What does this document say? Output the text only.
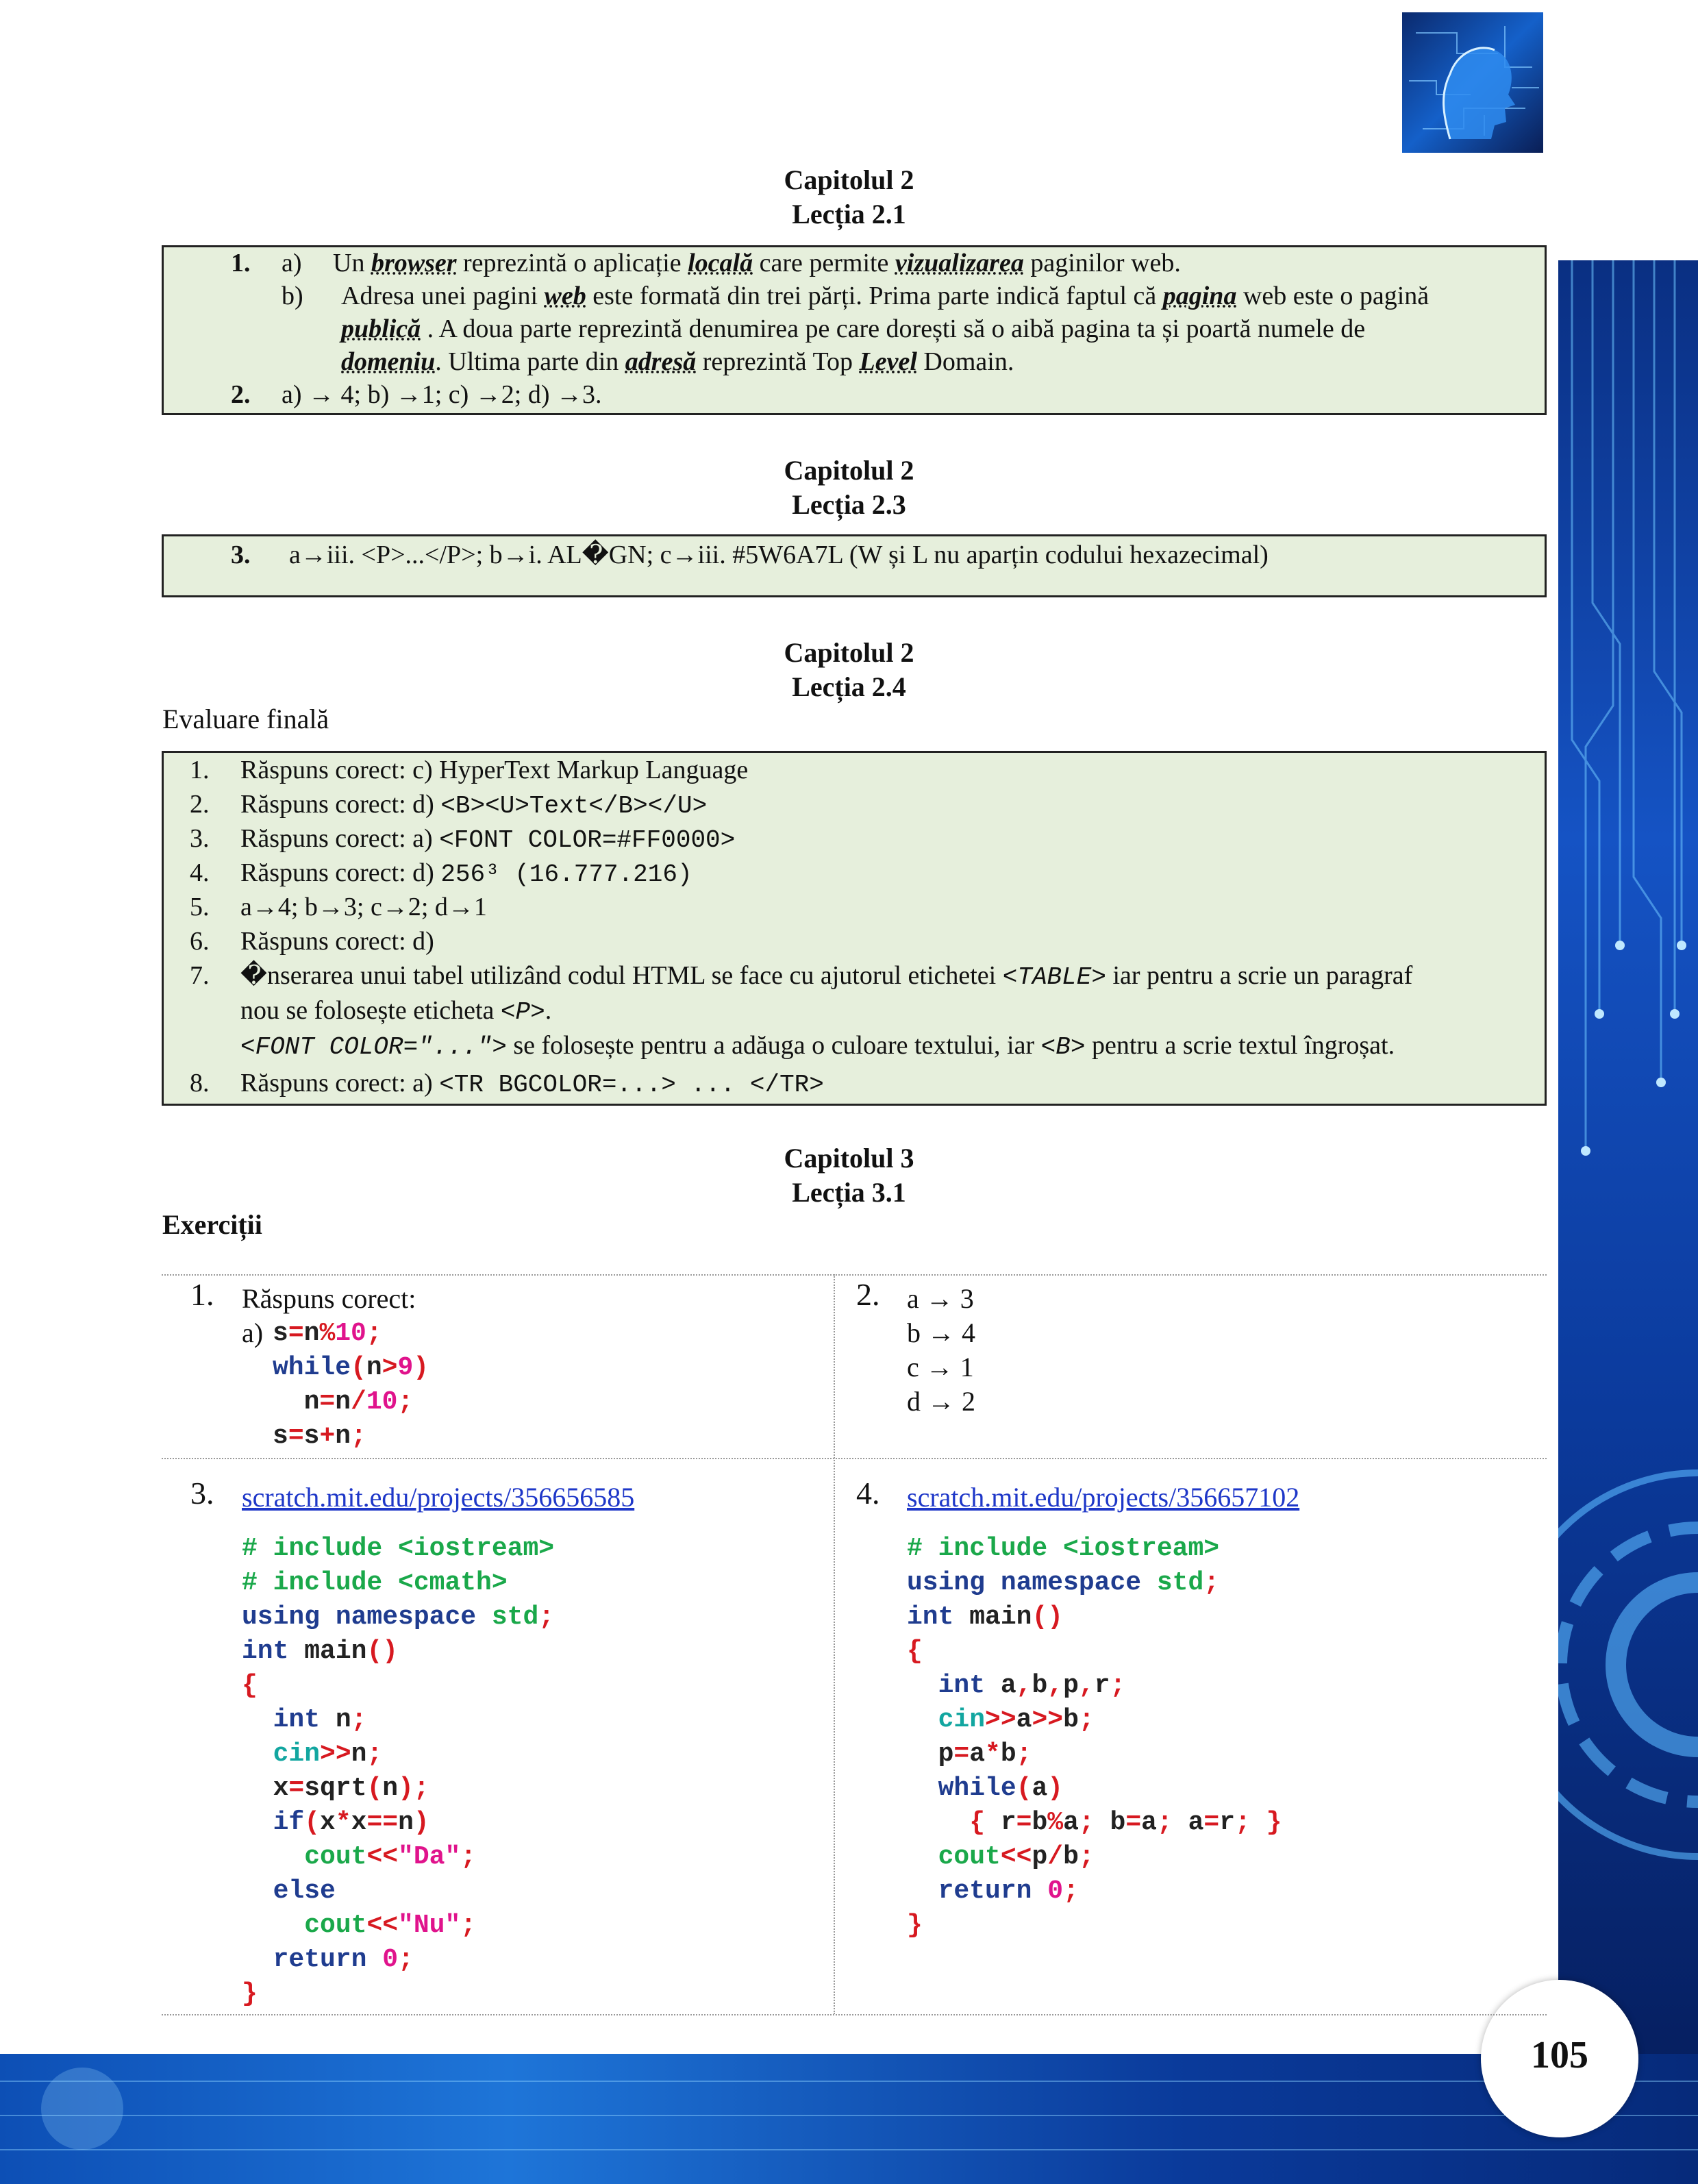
105
Capitolul 2
Lecția 2.1
1. a) Un browser reprezintă o aplicație locală care permite vizualizarea paginilor web.
b) Adresa unei pagini web este formată din trei părți. Prima parte indică faptul că pagina web este o pagină
publică . A doua parte reprezintă denumirea pe care dorești să o aibă pagina ta și poartă numele de
domeniu. Ultima parte din adresă reprezintă Top Level Domain.
2. a) → 4; b) →1; c) →2; d) →3.
Capitolul 2
Lecția 2.3
3. a→iii. <P>...</P>; b→i. AL�GN; c→iii. #5W6A7L (W și L nu aparțin codului hexazecimal)
Capitolul 2
Lecția 2.4
Evaluare finală
1. Răspuns corect: c) HyperText Markup Language
2. Răspuns corect: d) <B><U>Text</B></U>
3. Răspuns corect: a) <FONT COLOR=#FF0000>
4. Răspuns corect: d) 256³ (16.777.216)
5. a→4; b→3; c→2; d→1
6. Răspuns corect: d)
7. �nserarea unui tabel utilizând codul HTML se face cu ajutorul etichetei <TABLE> iar pentru a scrie un paragraf
nou se folosește eticheta <P>.
<FONT COLOR="..."> se folosește pentru a adăuga o culoare textului, iar <B> pentru a scrie textul îngroșat.
8. Răspuns corect: a) <TR BGCOLOR=...> ... </TR>
Capitolul 3
Lecția 3.1
Exerciții
1. Răspuns corect:
a) s=n%10;
while(n>9)
n=n/10;
s=s+n;
2. a → 3
b → 4
c → 1
d → 2
3. scratch.mit.edu/projects/356656585
# include <iostream>
# include <cmath>
using namespace std;
int main()
{
int n;
cin>>n;
x=sqrt(n);
if(x*x==n)
cout<<"Da";
else
cout<<"Nu";
return 0;
}
4. scratch.mit.edu/projects/356657102
# include <iostream>
using namespace std;
int main()
{
int a,b,p,r;
cin>>a>>b;
p=a*b;
while(a)
{ r=b%a; b=a; a=r; }
cout<<p/b;
return 0;
}
